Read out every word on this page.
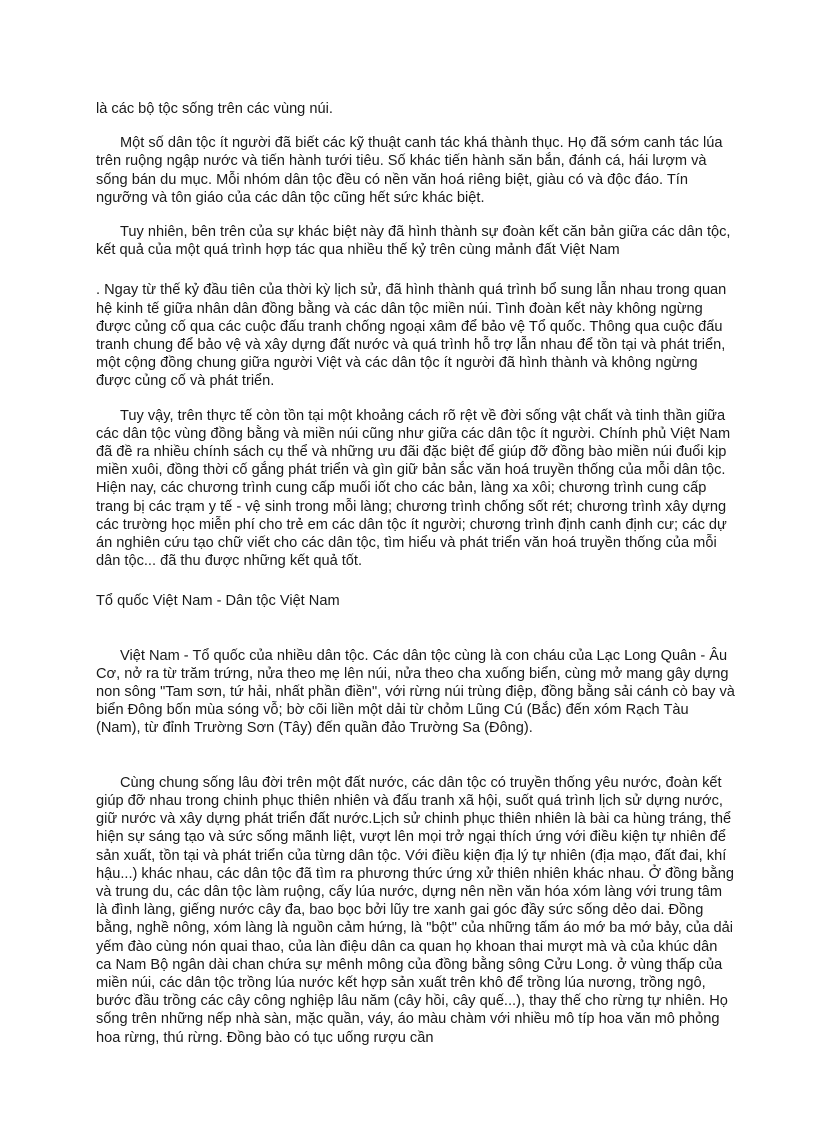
là các bộ tộc sống trên các vùng núi.

Một số dân tộc ít người đã biết các kỹ thuật canh tác khá thành thục. Họ đã sớm canh tác lúa trên ruộng ngập nước và tiến hành tưới tiêu. Số khác tiến hành săn bắn, đánh cá, hái lượm và sống bán du mục. Mỗi nhóm dân tộc đều có nền văn hoá riêng biệt, giàu có và độc đáo. Tín ngưỡng và tôn giáo của các dân tộc cũng hết sức khác biệt.

Tuy nhiên, bên trên của sự khác biệt này đã hình thành sự đoàn kết căn bản giữa các dân tộc, kết quả của một quá trình hợp tác qua nhiều thế kỷ trên cùng mảnh đất Việt Nam

. Ngay từ thế kỷ đầu tiên của thời kỳ lịch sử, đã hình thành quá trình bổ sung lẫn nhau trong quan hệ kinh tế giữa nhân dân đồng bằng và các dân tộc miền núi. Tình đoàn kết này không ngừng được củng cố qua các cuộc đấu tranh chống ngoại xâm để bảo vệ Tổ quốc. Thông qua cuộc đấu tranh chung để bảo vệ và xây dựng đất nước và quá trình hỗ trợ lẫn nhau để tồn tại và phát triển, một cộng đồng chung giữa người Việt và các dân tộc ít người đã hình thành và không ngừng được củng cố và phát triển.

Tuy vậy, trên thực tế còn tồn tại một khoảng cách rõ rệt về đời sống vật chất và tinh thần giữa các dân tộc vùng đồng bằng và miền núi cũng như giữa các dân tộc ít người. Chính phủ Việt Nam đã đề ra nhiều chính sách cụ thể và những ưu đãi đặc biệt để giúp đỡ đồng bào miền núi đuổi kịp miền xuôi, đồng thời cố gắng phát triển và gìn giữ bản sắc văn hoá truyền thống của mỗi dân tộc. Hiện nay, các chương trình cung cấp muối iốt cho các bản, làng xa xôi; chương trình cung cấp trang bị các trạm y tế - vệ sinh trong mỗi làng; chương trình chống sốt rét; chương trình xây dựng các trường học miễn phí cho trẻ em các dân tộc ít người; chương trình định canh định cư; các dự án nghiên cứu tạo chữ viết cho các dân tộc, tìm hiểu và phát triển văn hoá truyền thống của mỗi dân tộc... đã thu được những kết quả tốt.

Tổ quốc Việt Nam - Dân tộc Việt Nam

Việt Nam - Tổ quốc của nhiều dân tộc. Các dân tộc cùng là con cháu của Lạc Long Quân - Âu Cơ, nở ra từ trăm trứng, nửa theo mẹ lên núi, nửa theo cha xuống biển, cùng mở mang gây dựng non sông "Tam sơn, tứ hải, nhất phần điền", với rừng núi trùng điệp, đồng bằng sải cánh cò bay và biển Đông bốn mùa sóng vỗ; bờ cõi liền một dải từ chỏm Lũng Cú (Bắc) đến xóm Rạch Tàu (Nam), từ đỉnh Trường Sơn (Tây) đến quần đảo Trường Sa (Đông).

Cùng chung sống lâu đời trên một đất nước, các dân tộc có truyền thống yêu nước, đoàn kết giúp đỡ nhau trong chinh phục thiên nhiên và đấu tranh xã hội, suốt quá trình lịch sử dựng nước, giữ nước và xây dựng phát triển đất nước.Lịch sử chinh phục thiên nhiên là bài ca hùng tráng, thể hiện sự sáng tạo và sức sống mãnh liệt, vượt lên mọi trở ngại thích ứng với điều kiện tự nhiên để sản xuất, tồn tại và phát triển của từng dân tộc. Với điều kiện địa lý tự nhiên (địa mạo, đất đai, khí hậu...) khác nhau, các dân tộc đã tìm ra phương thức ứng xử thiên nhiên khác nhau. Ở đồng bằng và trung du, các dân tộc làm ruộng, cấy lúa nước, dựng nên nền văn hóa xóm làng với trung tâm là đình làng, giếng nước cây đa, bao bọc bởi lũy tre xanh gai góc đầy sức sống dẻo dai. Đồng bằng, nghề nông, xóm làng là nguồn cảm hứng, là "bột" của những tấm áo mớ ba mớ bảy, của dải yếm đào cùng nón quai thao, của làn điệu dân ca quan họ khoan thai mượt mà và của khúc dân ca Nam Bộ ngân dài chan chứa sự mênh mông của đồng bằng sông Cửu Long. ở vùng thấp của miền núi, các dân tộc trồng lúa nước kết hợp sản xuất trên khô để trồng lúa nương, trồng ngô, bước đầu trồng các cây công nghiệp lâu năm (cây hồi, cây quế...), thay thế cho rừng tự nhiên. Họ sống trên những nếp nhà sàn, mặc quần, váy, áo màu chàm với nhiều mô típ hoa văn mô phỏng hoa rừng, thú rừng. Đồng bào có tục uống rượu cần
